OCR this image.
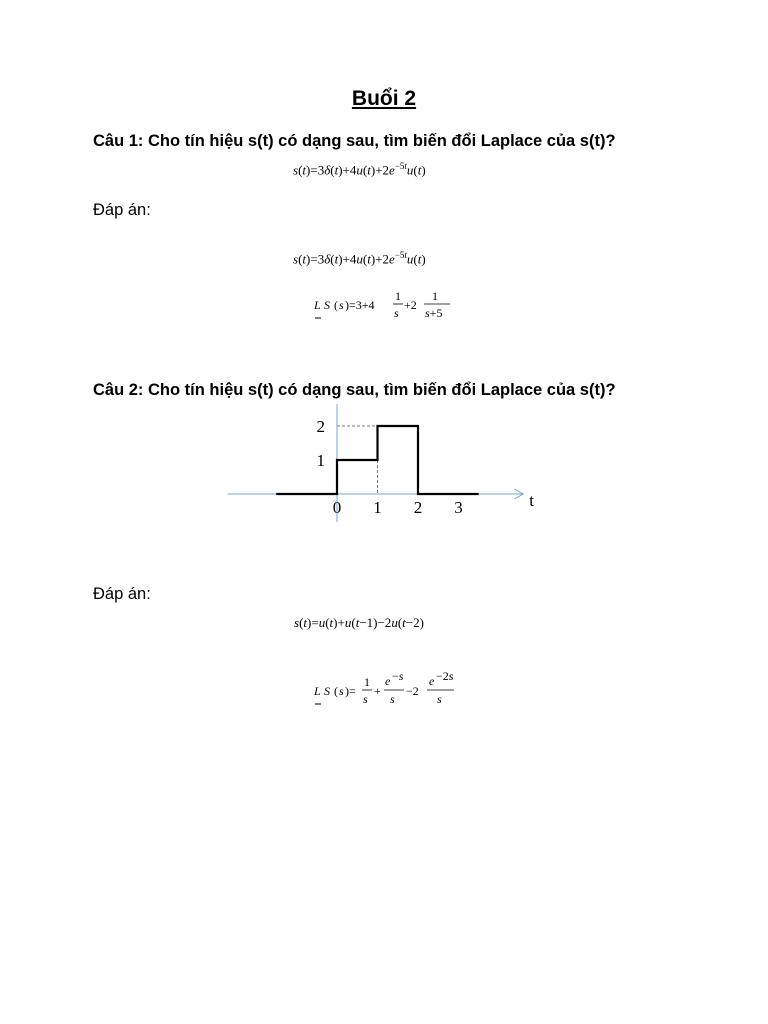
Buổi 2

Câu 1: Cho tín hiệu s(t) có dạng sau, tìm biến đổi Laplace của s(t)?

$s(t)=3\delta(t)+4u(t)+2e^{-5t}u(t)$

Đáp án:

$s(t)=3\delta(t)+4u(t)+2e^{-5t}u(t)$
L S ( s )=3+4
1
s
+2
1
s+5

Câu 2: Cho tín hiệu s(t) có dạng sau, tìm biến đổi Laplace của s(t)?

0 1 2 3
1
2
t

Đáp án:

s(t)=u(t)+u(t−1)−2u(t−2)
L S ( s )=
1
s
+
e −s
s
−2
e −2s
s
